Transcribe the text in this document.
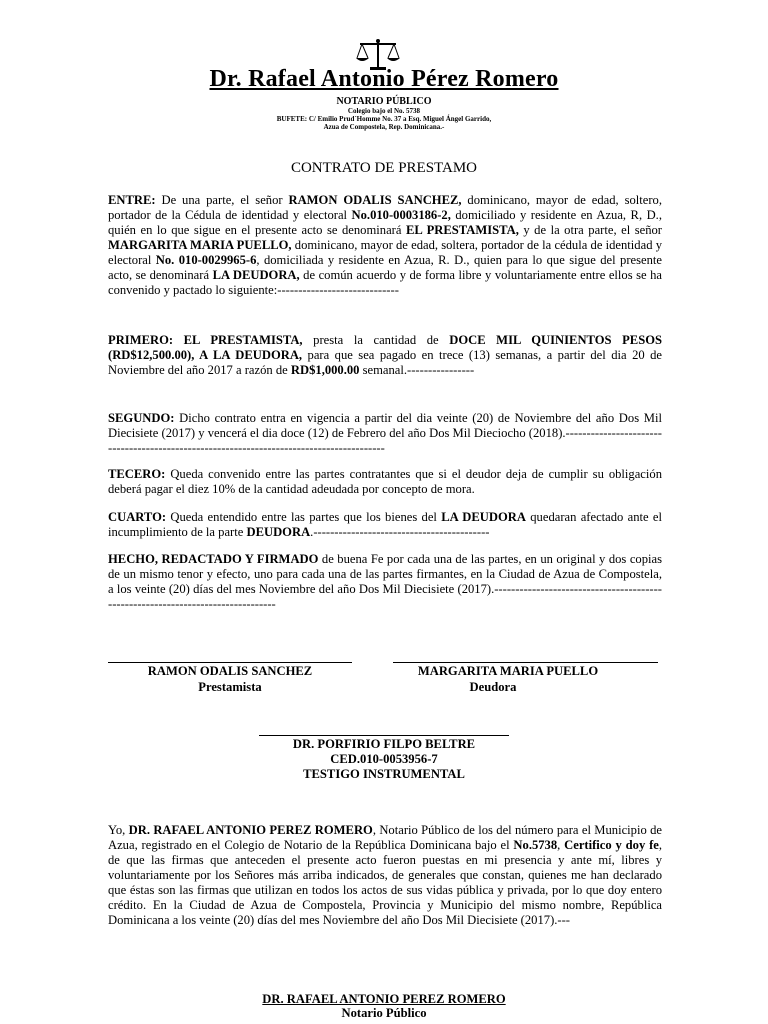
Dr. Rafael Antonio Pérez Romero
NOTARIO PÚBLICO
Colegio bajo el No. 5738
BUFETE: C/ Emilio Prud´Homme No. 37 a Esq. Miguel Ángel Garrido,
Azua de Compostela, Rep. Dominicana.-
CONTRATO DE PRESTAMO

ENTRE: De una parte, el señor RAMON ODALIS SANCHEZ, dominicano, mayor de edad, soltero, portador de la Cédula de identidad y electoral No.010-0003186-2, domiciliado y residente en Azua, R, D., quién en lo que sigue en el presente acto se denominará EL PRESTAMISTA, y de la otra parte, el señor MARGARITA MARIA PUELLO, dominicano, mayor de edad, soltera, portador de la cédula de identidad y electoral No. 010-0029965-6, domiciliada y residente en Azua, R. D., quien para lo que sigue del presente acto, se denominará LA DEUDORA, de común acuerdo y de forma libre y voluntariamente entre ellos se ha convenido y pactado lo siguiente:-----------------------------

PRIMERO: EL PRESTAMISTA, presta la cantidad de DOCE MIL QUINIENTOS PESOS (RD$12,500.00), A LA DEUDORA, para que sea pagado en trece (13) semanas, a partir del dia 20 de Noviembre del año 2017 a razón de RD$1,000.00 semanal.----------------

SEGUNDO: Dicho contrato entra en vigencia a partir del dia veinte (20) de Noviembre del año Dos Mil Diecisiete (2017) y vencerá el dia doce (12) de Febrero del año Dos Mil Dieciocho (2018).-----------------------------------------------------------------------------------------

TECERO: Queda convenido entre las partes contratantes que si el deudor deja de cumplir su obligación deberá pagar el diez 10% de la cantidad adeudada por concepto de mora.

CUARTO: Queda entendido entre las partes que los bienes del LA DEUDORA quedaran afectado ante el incumplimiento de la parte DEUDORA.------------------------------------------

HECHO, REDACTADO Y FIRMADO de buena Fe por cada una de las partes, en un original y dos copias de un mismo tenor y efecto, uno para cada una de las partes firmantes, en la Ciudad de Azua de Compostela, a los veinte (20) días del mes Noviembre del año Dos Mil Diecisiete (2017).--------------------------------------------------------------------------------

RAMON ODALIS SANCHEZ	MARGARITA MARIA PUELLO
Prestamista	Deudora
DR. PORFIRIO FILPO BELTRE
CED.010-0053956-7
TESTIGO INSTRUMENTAL

Yo, DR. RAFAEL ANTONIO PEREZ ROMERO, Notario Público de los del número para el Municipio de Azua, registrado en el Colegio de Notario de la República Dominicana bajo el No.5738, Certifico y doy fe, de que las firmas que anteceden el presente acto fueron puestas en mi presencia y ante mí, libres y voluntariamente por los Señores más arriba indicados, de generales que constan, quienes me han declarado que éstas son las firmas que utilizan en todos los actos de sus vidas pública y privada, por lo que doy entero crédito. En la Ciudad de Azua de Compostela, Provincia y Municipio del mismo nombre, República Dominicana a los veinte (20) días del mes Noviembre del año Dos Mil Diecisiete (2017).---

DR. RAFAEL ANTONIO PEREZ ROMERO
Notario Público
